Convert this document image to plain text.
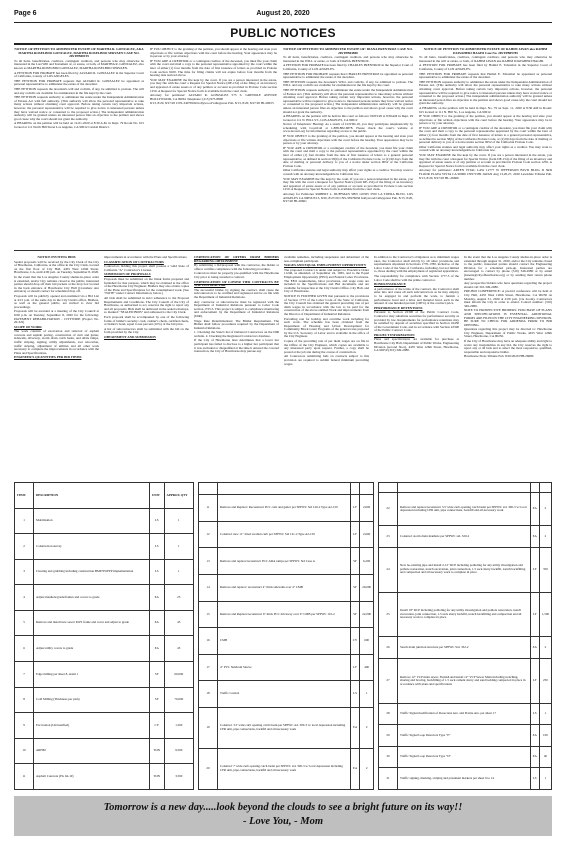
Page 6	August 20, 2020
PUBLIC NOTICES

NOTICE OF PETITION TO ADMINISTER ESTATE OF MARTHA R. GONZALEZ, AKA MARTHA ROSELBDO GONZALEZ, MARTHA ROSELBDO SERVAEN CASE NO. 20STPB00195

To all heirs, beneficiaries, creditors, contingent creditors, and persons who may otherwise be interested in the Last Will and Testament of, or estate, or both, of MARTHA R. GONZALEZ, also known as MARTHA ROSELBDO GONZALEZ, MARTHA ROSELBDO SERVAEN.

A PETITION FOR PROBATE has been filed by ALVARO R. GONZALEZ in the Superior Court of California, County of LOS ANGELES.

THE PETITION FOR PROBATE requests that ALVARO R. GONZALEZ be appointed as personal representative to administer the estate of the decedent.

THE PETITION requests the decedent's will and codicils, if any, be admitted to probate. The will and any codicils are available for examination in the file kept by the court.

THE PETITION requests authority to administer the estate under the Independent Administration of Estates Act with full authority. (This authority will allow the personal representative to take many actions without obtaining court approval. Before taking certain very important actions, however, the personal representative will be required to give notice to interested persons unless they have waived notice or consented to the proposed action.) The independent administration authority will be granted unless an interested person files an objection to the petition and shows good cause why the court should not grant the authority.

A HEARING on the petition will be held on 12-01-2020 at 8:30 A.M. in Dept. 79 Room No. 615 located at 111 North Hill Street Los Angeles, CA 90012 Central District.

IF YOU OBJECT to the granting of the petition, you should appear at the hearing and state your objections or file written objections with the court before the hearing. Your appearance may be in person or by your attorney.

IF YOU ARE A CREDITOR or a contingent creditor of the deceased, you must file your claim with the court and mail a copy to the personal representative appointed by the court within the later of either (1) four months from the date of first issuance of letters as provided in Probate Code section 9100. The time for filing claims will not expire before four months from the hearing date noticed above.

YOU MAY EXAMINE the file kept by the court. If you are a person interested in the estate, you may file with the court a Request for Special Notice (DE-154) of the filing of an inventory and appraisal of estate assets or of any petition or account as provided in Probate Code section 1250. A Request for Special Notice form is available from the court clerk.

Attorney for petitioner: ALVARO R. GONZALEZ 575 S. GRENDLE AVENUE HOLLYWOOD, CA 90061 Telephone: (213) 975-8800

8/13, 8/20, 8/27/20 CNS-3407816# hollywood/valleypress Pub. 8/13, 8/20, 8/27/20 HI-26655

NOTICE OF PETITION TO ADMINISTER ESTATE OF: DIANA PRENTROZ CASE NO. 20STPB04800

To all heirs, beneficiaries, creditors, contingent creditors, and persons who may otherwise be interested in the WILL or estate, or both of DIANA PRENTROZ.

A PETITION FOR PROBATE has been filed by CHARLES PRENTROZ in the Superior Court of California, County of LOS ANGELES.

THE PETITION FOR PROBATE requests that CHARLES PRENTROZ be appointed as personal representative to administer the estate of the decedent.

THE PETITION requests the decedent's WILL and codicils, if any, be admitted to probate. The WILL and any codicils are available for examination in the file kept by the court.

THE PETITION requests authority to administer the estate under the Independent Administration of Estates Act. (This authority will allow the personal representative to take many actions without obtaining court approval. Before taking certain very important actions, however, the personal representative will be required to give notice to interested persons unless they have waived notice or consented to the proposed action.) The independent administration authority will be granted unless an interested person files an objection to the petition and shows good cause why the court should not grant the authority.

A HEARING on the petition will be held in this court as follows: 09/03/20 at 8:30AM in Dept. 29 located at 111 N. HILL ST., LOS ANGELES, CA 90012

Notice of Telephonic Hearing: As a result of COVID-19, you may participate telephonically by scheduling with CourtCall at 1-888-882-6878. Please check the court's website at www.lacourt.org for information regarding access to the public.

IF YOU OBJECT to the granting of the petition, you should appear at the hearing and state your objections or file written objections with the court before the hearing. Your appearance may be in person or by your attorney.

IF YOU ARE A CREDITOR or a contingent creditor of the decedent, you must file your claim with the court and mail a copy to the personal representative appointed by the court within the later of either (1) four months from the date of first issuance of letters to a general personal representative, as defined in section 58(b) of the California Probate Code, or (2) 60 days from the date of mailing or personal delivery to you of a notice under section 9052 of the California Probate Code.

Other California statutes and legal authority may affect your rights as a creditor. You may want to consult with an attorney knowledgeable in California law.

YOU MAY EXAMINE the file kept by the court. If you are a person interested in the estate, you may file with the court a Request for Special Notice (form DE-154) of the filing of an inventory and appraisal of estate assets or of any petition or account as provided in Probate Code section 1250. A Request for Special Notice form is available from the court clerk.

Attorney for Petitioner ROBERT L. DUFFMAN SBN 110305 3550 LA TIJERA BLVD. LOS ANGELES CA 90056 8/13, 8/20, 8/27/20 CNS-3397663# hollywood/valleypress Pub. 8/13, 8/20, 8/27/20 HI-26661

NOTICE OF PETITION TO ADMINISTER ESTATE OF RAHIM JAVAN aka RAHIM DJAVAHERI HAGHI Case No. 20STPB05785

To all heirs, beneficiaries, creditors, contingent creditors, and persons who may otherwise be interested in the will or estate, or both, of RAHIM JAVAN aka RAHIM DJAVAHERI HAGHI.

A PETITION FOR PROBATE has been filed by Hamid E. Tabatabai in the Superior Court of California, County of LOS ANGELES.

THE PETITION FOR PROBATE requests that Hamid E. Tabatabai be appointed as personal representative to administer the estate of the decedent.

THE PETITION requests authority to administer the estate under the Independent Administration of Estates Act. (This authority will allow the personal representative to take many actions without obtaining court approval. Before taking certain very important actions, however, the personal representative will be required to give notice to interested persons unless they have waived notice or consented to the proposed action.) The independent administration authority will be granted unless an interested person files an objection to the petition and shows good cause why the court should not grant the authority.

A HEARING on the petition will be held in Dept. No. 79 on Sept. 11, 2020 at 8:30 AM in Room: 615 located at 111 N. Hill St., Los Angeles, CA 90012.

IF YOU OBJECT to the granting of the petition, you should appear at the hearing and state your objections or file written objections with the court before the hearing. Your appearance may be in person or by your attorney.

IF YOU ARE A CREDITOR or a contingent creditor of the decedent, you must file your claim with the court and mail a copy to the personal representative appointed by the court within the later of either (1) four months from the date of first issuance of letters to a general personal representative, as defined in section 58(b) of the California Probate Code, or (2) 60 days from the date of mailing or personal delivery to you of a notice under section 9052 of the California Probate Code.

Other California statutes and legal authority may affect your rights as a creditor. You may want to consult with an attorney knowledgeable in California law.

YOU MAY EXAMINE the file kept by the court. If you are a person interested in the estate, you may file with the court a Request for Special Notice (form DE-154) of the filing of an inventory and appraisal of estate assets or of any petition or account as provided in Probate Code section 1250. A Request for Special Notice form is available from the court clerk.

Attorney for petitioner: ARTEN VITAL LAW 12777 W JEFFERSON BLVD BLDG D 3RD FLOOR PLAYA VISTA CA 90066 CN971589 JAVAN Aug 13,20,27, 2020 Lawndale Tribune Pub. 8/13, 8/20, 8/27/20 HL-26666

NOTICE INVITING BIDS

Sealed proposals will be received by the City Clerk of the City of Hawthorne, California, at the office in the City Clerk, located on the first floor of City Hall, 4455 West 126th Street, Hawthorne, CA, until 4:00 p.m. on Tuesday, September 8, 2020.

In the event that the Los Angeles County shelter-in-place order is extended, and/or City remains closed to the public, interested parties should drop off their bid packets at the drop box located in the back entrance of Hawthorne City Hall (Crenshaw Ave entrance) or should contact for scheduled drop off.

Proposals will be publicly opened and examined via a Bid List at 4:15 p.m. of the same day in the City Clerk's office. Bidders, as well as the general public, are invited to view bid proceedings.

Proposals will be awarded at a meeting of the City Council at 6:00 p.m. on Tuesday, September 8, 2020 for the following: PAVEMENT REHABILITATION - CITYWIDE (Project No. 20-XX)

SCOPE OF WORK

The work consists of excavation and removal of asphalt concrete and asphalt paving, construction of curb and gutter, sidewalk, driveway, storm drain catch basin, and ADA ramps, traffic striping, signing, utility adjustments, root relocation, traffic striping, adjustment of utilities and all other work necessary to complete the improvements in accordance with the Plans and Specifications.

ENGINEER'S QUANTITIES PER BID ITEMS

improvements in accordance with the Plans and Specifications.

CLASSIFICATION OF CONTRACTORS

Contractors bidding this project shall possess a valid State of California "A" Contractor's License.

SUBMISSION OF PROPOSALS

Proposals must be submitted on the blank forms prepared and furnished for that purpose, which may be obtained at the office of the Hawthorne City Engineer. Bidders may also obtain copies of the Plans and Specifications for the contemplated work. (See "NOTE" under Contact Information, below.)

All bids shall be submitted in strict adherence to the Proposal Requirements and Conditions. The City Council of the City of Hawthorne, as authorized to act, reserves the right to reject any and all proposals. Bids shall be delivered in the sealed envelope, so marked: "SEALED BIDS" and addressed to the City Clerk.

Each proposal shall be accompanied by one of the following forms of bidder's security: cash, cashier's check, certified check, or bidder's bond, equal to ten percent (10%) of the bid price.

A list of subcontractors shall be submitted with the bid on the form provided by the City.

OBTAINMENT AND SUBMISSION

CERTIFICATION OF OFFERS FROM BIDDERS REGARDING OBTAINMENT

By submitting a bid/proposal with the contractor, the bidder or offeror certifies compliance with the following procedure.

Contractors must be properly pre-qualified with the Hawthorne City prior to being awarded a contract.

CERTIFICATION OF LOWER TIER CONTRACTS BY THE CONTRACTOR

The successful bidder, by signing the contract, shall cause the subcontractors to be certified and registered and be on file with the Department of Industrial Relations.

Any contractor or subcontractor must be registered with the Department of Industrial Relations pursuant to Labor Code section 1725.5. This project is subject to compliance monitoring and enforcement by the Department of Industrial Relations (DIR).

Wage Rate Determinations: The Bidder Requirement. The Bidder shall follow procedures required by the Department of Industrial Relations.

1. Checking the State's list of Debarred Contractors on the DIR website. 2. Checking the Registered Contractors database.

If the City of Hawthorne later determines that a lower tier participant has failed to disclose to a higher tier participant that it was excluded or disqualified at the time it entered the covered transaction, the City of Hawthorne may pursue any

available remedies, including suspension and debarment of the non-compliant participant.

WAGES AND EQUAL EMPLOYMENT OPPORTUNITY

The proposed Contract is under and subject to Executive Order 11246, as amended, of September 24, 1965, and to the Equal Employment Opportunity (EEO) and Federal Labor Provisions. The EEO requirements, labor provisions, and wage rates are included in the Specifications and Bid documents and are available for inspection at the City Clerk's Office, City Hall, and City of Hawthorne.

NOTICE IS FURTHER GIVEN that pursuant to the provisions of Section 1773 of the Labor Code of the State of California, the City Council has obtained the general prevailing rate of per diem wages in accordance with the law to be paid for the construction of the above entitled Work and improvements from the Director of Department of Industrial Relations.

Prevailing rate for holiday and overtime work including for such work. The schedule has been obtained from the Department of Housing and Urban Development for Community Block Grant Programs of the general rates prepared by the U.S. Secretary of Labor and is available in the office of the City Engineer.

Copies of the prevailing rate of per diem wages are on file in the Office of the City Engineer, which copies are available to any interested party upon request. Further, a copy shall be posted at the job site during the course of construction.

All Contractors submitting bids on contracts subject to this provision are required to submit federal minimum prevailing wages.

In addition to the Contractor's obligations as to minimum wages rates, the Contractor shall strictly by all other provisions and requirements stipulated in Sections 1770-1780, inclusive, of the Labor Code of the State of California, including, but not limited to, those dealing with the employment of registered apprentices.

The responsibility for compliance with Section 1777.5 of the Labor Code shall be with the prime contractor.

BONDS/INSURANCE

A performance of the terms of the contract, the Contractor shall enter into and cause all such subcontractors as he may employ to be engaged in and perform the work, to furnish a performance bond and a labor and material bond, each in the amount of one hundred percent (100%) of the contract price.

PERFORMANCE RETENTIONS

Pursuant to Section 22300 of the Public Contract Code, Contractor may substitute securities for performance security as provided by law. Requirements for performance retentions may be satisfied by deposit of securities specified in Section 16430 of the Government Code, and in accordance with Section 22300 of the Public Contract Code.

PROJECT INFORMATION

Plans and specifications are available for purchase at Hawthorne City Hall, Department of Public Works, Engineering Division (second floor), 4455 West 126th Street, Hawthorne, CA 90250 (310) 349-2980.

In the event that the Los Angeles County shelter-in-place order is extended through August 31, 2020, and/or the City remains closed to the public, interested parties should contact the Engineering Division for a scheduled pick-up. Interested parties are encouraged to contact by phone (310) 349-2980 or by email (ksaenz@cityofhawthorne.org) or by sending their return phone number.

Any prospective bidders who have questions regarding the project should call 310-349-2980.

PRE-BID CONFERENCE: A pre-bid conference will be held at City Hall, 4455 West 126th Street, Hawthorne, CA 90250 on Monday, August 31, 2020 at 2:00 p.m. (via Zoom). Contractors must inform the City in order to attend. Contact number: (310) 349-2980.

NOTE TO PROSPECTIVE BIDDERS: PURCHASE OF PLANS AND SPECIFICATIONS IS ESSENTIAL. ADDITIONAL FORMS ARE FILED IN THE CITY ENGINEERING DIVISION. BE SURE TO CHECK FOR ADDENDA PRIOR TO BID OPENING.

Questions regarding this project may be directed to: Hawthorne City Engineer, Department of Public Works, 4455 West 126th Street, Hawthorne, CA 90250.

If the City of Hawthorne may have an adequate ability and right to waive any irregularities in any bid, the City reserves the right to reject any or all bids and to select the most responsive, qualified, responsible and responsive bidder.

Hawthorne Press Tribune Pub. 8/20/2020 HH-26680

ITEM	DESCRIPTION	UNIT	APPROX QTY
1	Mobilization	LS	1
2	Construction survey	LS	1
3	Clearing and grubbing including construction BMP/SWPPP implementation	LS	1
4	Adjust manhole/grade/frames and covers to grade	EA	23
5	Remove and install new sewer M.H. frame and cover and adjust to grade	EA	45
6	Adjust utility covers to grade	EA	45
7	Edge milling per sheet 8, detail 1	SF	60,000
8	Cold Milling (Thickness per plan)	SF	70,000
9	Excavation (Unclassified)	CY	1,500
10	ARHM	TON	9,500
11	Asphalt Concrete (PG 64-10)	TON	3,500

11	Remove and Replace/ Reconstruct PCC curb and gutter per SPPWC Std 120-2 Type A2-150	LF	2,600
12	Construct new 11" dried swallen curb per SPPWC Std 121-2 Type A2-150	LF	2,600
13	Remove and replace/reconstruct PCC ADA ramps per SPPWC Std Case A	SF	6,200
14	Remove and replace/ reconstruct 4" thick sidewalk over 4" CMB	SF	29,000
15	Remove and Replace/reconstruct 6" thick PCC driveway over 6" CMB per SPPWC 110-2	SF	22,000
16	CMB	CY	600
17	4" PVC Subdrain Sleeve	LF	400
18	Traffic Control	LS	1
19	Construct 3.5' wide curb opening catch basin per SPPWC std. 300-3 w/ local depression including CPR unit, pipe connections, backfill and all necessary work	EA	2
20	Construct 7' wide curb opening catch basin per SPPWC std. 300-3 w/ local depression including CPR unit, pipe connections, backfill and all necessary work	EA	2

22	Remove and replace/reconstruct 3.5' wide curb opening catch basin per SPPWC std. 300-3 w/ local depression including CPR unit, pipe connections, backfill and all necessary work	EA	2
23	Construct storm drain manhole per SPPWC std. 320-2	EA	2
24	New no-existing pipe and install 2-12" RCP including potholing for any utility investigation and pothole restoration, trench excavation, joint connection, 1.5 sack slurry backfill, trench backfilling and compaction and all necessary work to complete in place	LF	350
25	Install 18" RCP including potholing for any utility investigation and pothole restoration, trench excavation, joint connection, 1.5 sack slurry backfill, trench backfilling and compaction and all necessary work to complete in place	LF	1,500
26	Storm drain junction structure per SPPWC Std. 332-2	EA	2
27	Remove 12" VCP main sewer, Furnish and install 12" VCP Sewer Main including trenching, shoring and bracing, backfilling of 1.5 sack cement slurry and sand bedding compacted in place in accordance with plans and specifications	LF	250
28	Traffic Signal modification of Rosecrans Ave. and Prairie Ave. per sheet 17	LS	1
29	Traffic Signal Loop Detectors Type "E"	EA	100
30	Traffic Signal Loop Detectors Type "D"	EA	40
31	Traffic signing, marking, striping and pavement markers per sheet 9 to 14	LS	1
Tomorrow is a new day.....look beyond the clouds to see a bright future on its way!!
- Love You, - Mom
